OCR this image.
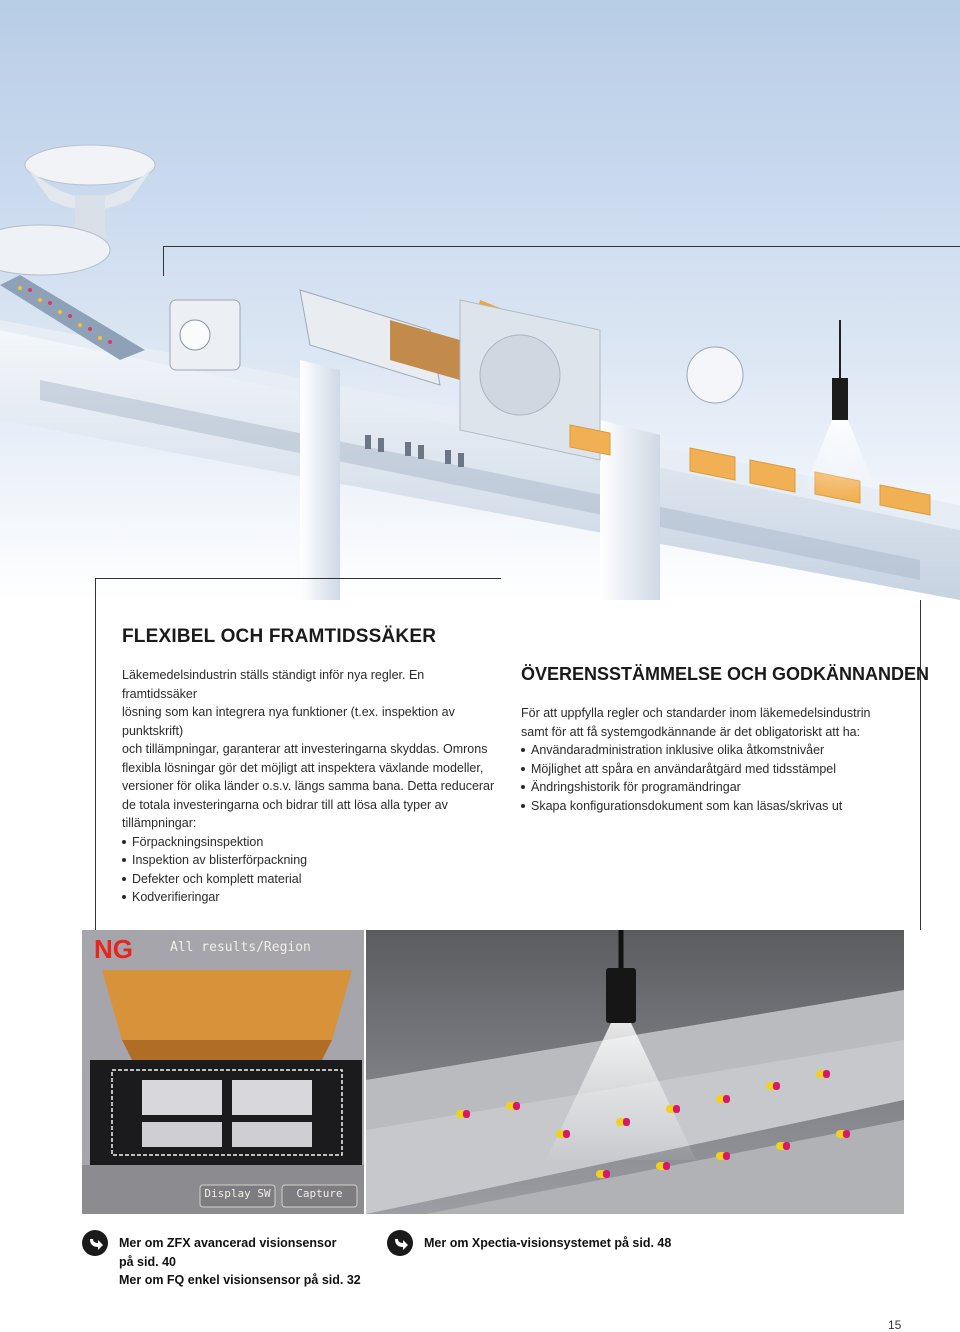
FLEXIBEL OCH FRAMTIDSSÄKER

Läkemedelsindustrin ställs ständigt inför nya regler. En framtidssäker

lösning som kan integrera nya funktioner (t.ex. inspektion av punktskrift)

och tillämpningar, garanterar att investeringarna skyddas. Omrons

flexibla lösningar gör det möjligt att inspektera växlande modeller,

versioner för olika länder o.s.v. längs samma bana. Detta reducerar

de totala investeringarna och bidrar till att lösa alla typer av

tillämpningar:

Förpackningsinspektion
Inspektion av blisterförpackning
Defekter och komplett material
Kodverifieringar
ÖVERENSSTÄMMELSE OCH GODKÄNNANDEN

För att uppfylla regler och standarder inom läkemedelsindustrin

samt för att få systemgodkännande är det obligatoriskt att ha:

Användaradministration inklusive olika åtkomstnivåer
Möjlighet att spåra en användaråtgärd med tidsstämpel
Ändringshistorik för programändringar
Skapa konfigurationsdokument som kan läsas/skrivas ut
NG	All results/Region
Display SW	Capture
Mer om ZFX avancerad visionsensor
på sid. 40
Mer om FQ enkel visionsensor på sid. 32
Mer om Xpectia-visionsystemet på sid. 48
15
